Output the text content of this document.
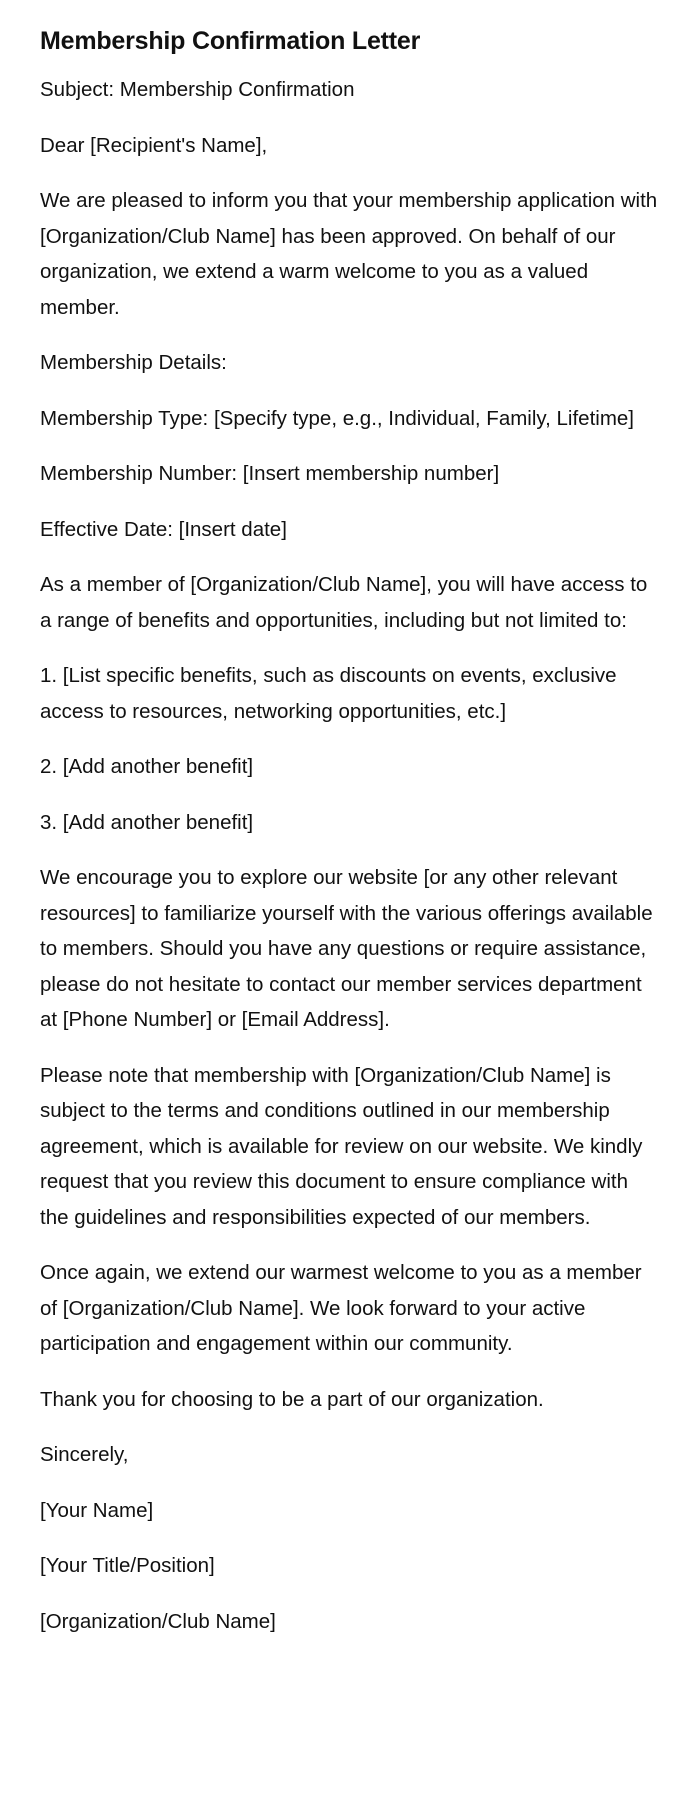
Membership Confirmation Letter

Subject: Membership Confirmation

Dear [Recipient's Name],

We are pleased to inform you that your membership application with [Organization/Club Name] has been approved. On behalf of our organization, we extend a warm welcome to you as a valued member.

Membership Details:

Membership Type: [Specify type, e.g., Individual, Family, Lifetime]

Membership Number: [Insert membership number]

Effective Date: [Insert date]

As a member of [Organization/Club Name], you will have access to a range of benefits and opportunities, including but not limited to:

1. [List specific benefits, such as discounts on events, exclusive access to resources, networking opportunities, etc.]

2. [Add another benefit]

3. [Add another benefit]

We encourage you to explore our website [or any other relevant resources] to familiarize yourself with the various offerings available to members. Should you have any questions or require assistance, please do not hesitate to contact our member services department at [Phone Number] or [Email Address].

Please note that membership with [Organization/Club Name] is subject to the terms and conditions outlined in our membership agreement, which is available for review on our website. We kindly request that you review this document to ensure compliance with the guidelines and responsibilities expected of our members.

Once again, we extend our warmest welcome to you as a member of [Organization/Club Name]. We look forward to your active participation and engagement within our community.

Thank you for choosing to be a part of our organization.

Sincerely,

[Your Name]

[Your Title/Position]

[Organization/Club Name]
